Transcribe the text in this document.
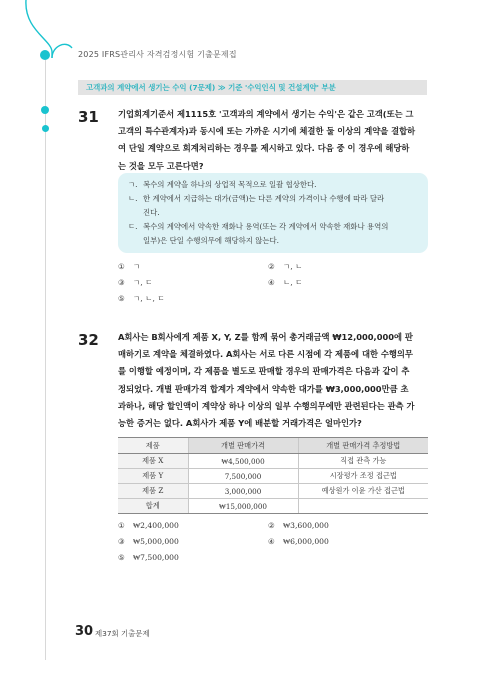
2025 IFRS관리사 자격검정시험 기출문제집
고객과의 계약에서 생기는 수익 (7문제) ≫ 기준 '수익인식 및 건설계약' 부분
31 기업회계기준서 제1115호 '고객과의 계약에서 생기는 수익'은 같은 고객(또는 그
고객의 특수관계자)과 동시에 또는 가까운 시기에 체결한 둘 이상의 계약을 결합하
여 단일 계약으로 회계처리하는 경우를 제시하고 있다. 다음 중 이 경우에 해당하
는 것을 모두 고른다면?
ㄱ. 복수의 계약을 하나의 상업적 목적으로 일괄 협상한다.
ㄴ. 한 계약에서 지급하는 대가(금액)는 다른 계약의 가격이나 수행에 따라 달라
진다.
ㄷ. 복수의 계약에서 약속한 재화나 용역(또는 각 계약에서 약속한 재화나 용역의
일부)은 단일 수행의무에 해당하지 않는다.
① ㄱ	② ㄱ, ㄴ
③ ㄱ, ㄷ	④ ㄴ, ㄷ
⑤ ㄱ, ㄴ, ㄷ
32 A회사는 B회사에게 제품 X, Y, Z를 함께 묶어 총거래금액 ₩12,000,000에 판
매하기로 계약을 체결하였다. A회사는 서로 다른 시점에 각 제품에 대한 수행의무
를 이행할 예정이며, 각 제품을 별도로 판매할 경우의 판매가격은 다음과 같이 추
정되었다. 개별 판매가격 합계가 계약에서 약속한 대가를 ₩3,000,000만큼 초
과하나, 해당 할인액이 계약상 하나 이상의 일부 수행의무에만 관련된다는 관측 가
능한 증거는 없다. A회사가 제품 Y에 배분할 거래가격은 얼마인가?
제품	개별 판매가격	개별 판매가격 추정방법
제품 X	₩4,500,000	직접 관측 가능
제품 Y	7,500,000	시장평가 조정 접근법
제품 Z	3,000,000	예상원가 이윤 가산 접근법
합계	₩15,000,000	
① ₩2,400,000	② ₩3,600,000
③ ₩5,000,000	④ ₩6,000,000
⑤ ₩7,500,000
30 제37회 기출문제
